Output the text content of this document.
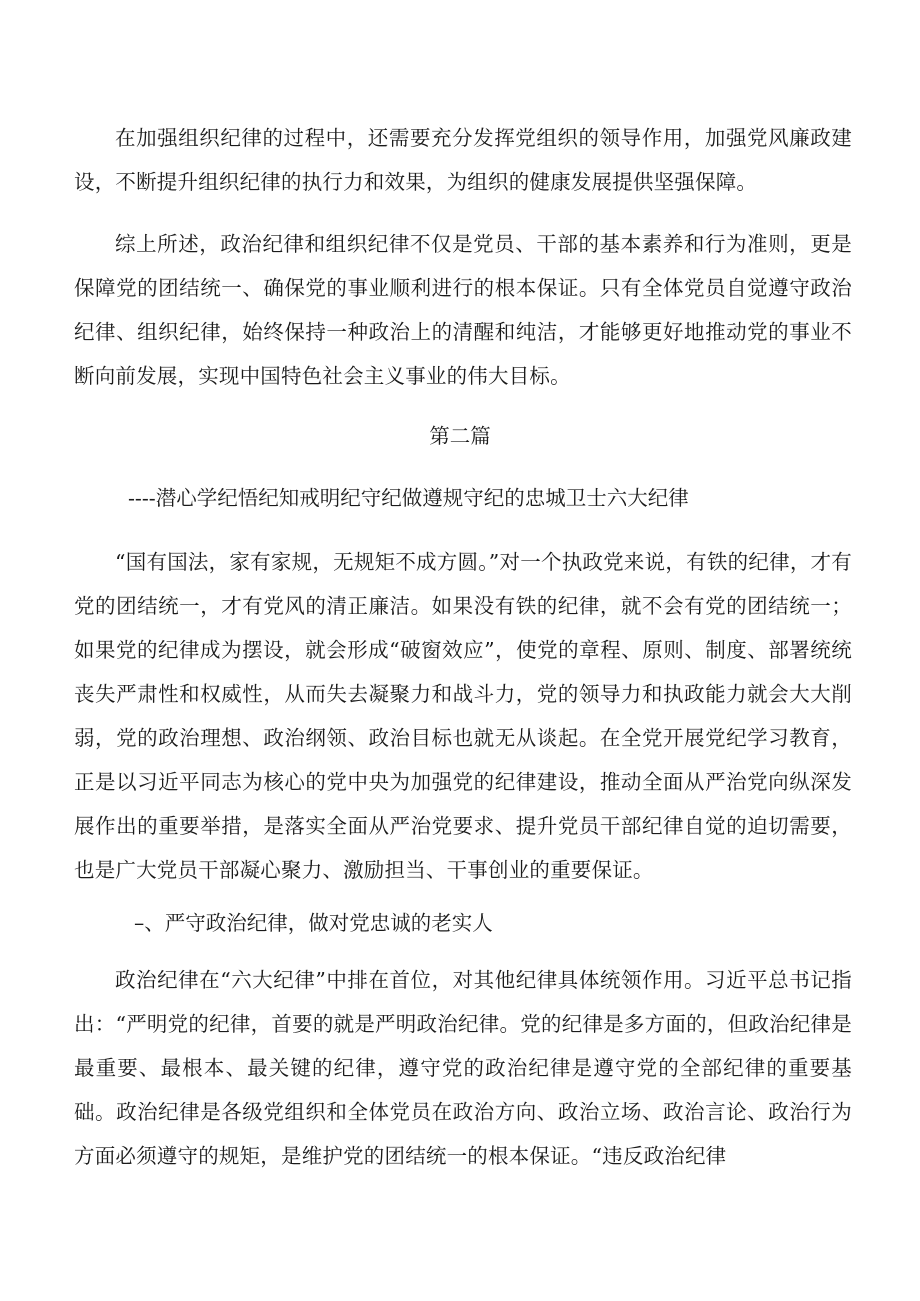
在加强组织纪律的过程中，还需要充分发挥党组织的领导作用，加强党风廉政建设，不断提升组织纪律的执行力和效果，为组织的健康发展提供坚强保障。

综上所述，政治纪律和组织纪律不仅是党员、干部的基本素养和行为准则，更是保障党的团结统一、确保党的事业顺利进行的根本保证。只有全体党员自觉遵守政治纪律、组织纪律，始终保持一种政治上的清醒和纯洁，才能够更好地推动党的事业不断向前发展，实现中国特色社会主义事业的伟大目标。

第二篇

----潜心学纪悟纪知戒明纪守纪做遵规守纪的忠城卫士六大纪律

“国有国法，家有家规，无规矩不成方圆。”对一个执政党来说，有铁的纪律，才有党的团结统一，才有党风的清正廉洁。如果没有铁的纪律，就不会有党的团结统一；如果党的纪律成为摆设，就会形成“破窗效应”，使党的章程、原则、制度、部署统统丧失严肃性和权威性，从而失去凝聚力和战斗力，党的领导力和执政能力就会大大削弱，党的政治理想、政治纲领、政治目标也就无从谈起。在全党开展党纪学习教育，正是以习近平同志为核心的党中央为加强党的纪律建设，推动全面从严治党向纵深发展作出的重要举措，是落实全面从严治党要求、提升党员干部纪律自觉的迫切需要，也是广大党员干部凝心聚力、激励担当、干事创业的重要保证。

–、严守政治纪律，做对党忠诚的老实人

政治纪律在“六大纪律”中排在首位，对其他纪律具体统领作用。习近平总书记指出：“严明党的纪律，首要的就是严明政治纪律。党的纪律是多方面的，但政治纪律是最重要、最根本、最关键的纪律，遵守党的政治纪律是遵守党的全部纪律的重要基础。政治纪律是各级党组织和全体党员在政治方向、政治立场、政治言论、政治行为方面必须遵守的规矩，是维护党的团结统一的根本保证。“违反政治纪律
